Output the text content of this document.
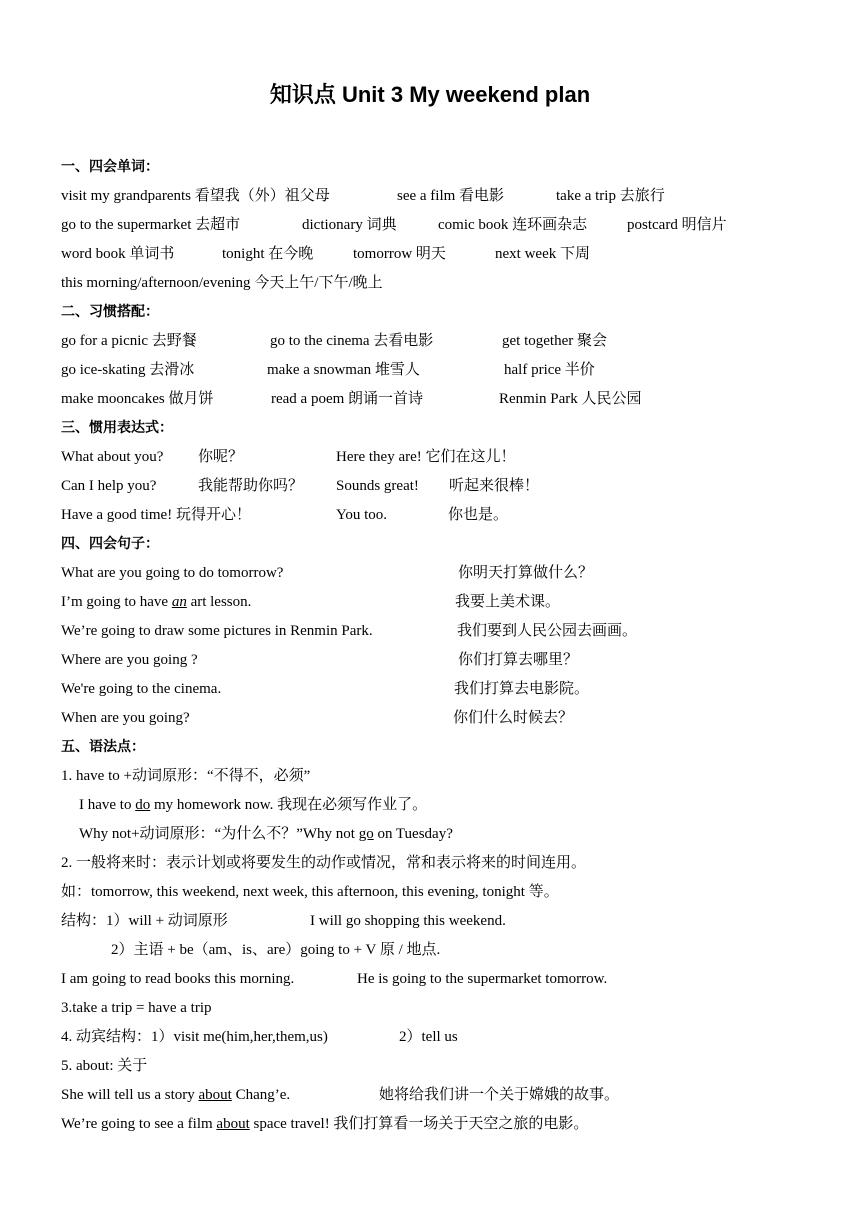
知识点 Unit 3 My weekend plan
一、四会单词：
visit my grandparents 看望我（外）祖父母	see a film 看电影	take a trip 去旅行
go to the supermarket 去超市	dictionary 词典	comic book 连环画杂志	postcard 明信片
word book 单词书	tonight 在今晚	tomorrow 明天	next week 下周
this morning/afternoon/evening 今天上午/下午/晚上
二、习惯搭配：
go for a picnic 去野餐	go to the cinema 去看电影	get together 聚会
go ice-skating 去滑冰	make a snowman 堆雪人	half price 半价
make mooncakes 做月饼	read a poem 朗诵一首诗	Renmin Park 人民公园
三、惯用表达式：
What about you? 你呢？	Here they are! 它们在这儿！
Can I help you?	我能帮助你吗？ Sounds great! 听起来很棒！
Have a good time! 玩得开心！	You too.	你也是。
四、四会句子：
What are you going to do tomorrow?	你明天打算做什么？
I’m going to have an art lesson.	我要上美术课。
We’re going to draw some pictures in Renmin Park.	我们要到人民公园去画画。
Where are you going ?	你们打算去哪里？
We're going to the cinema.	我们打算去电影院。
When are you going?	你们什么时候去？
五、语法点：
1. have to +动词原形：“不得不，必须”
I have to do my homework now. 我现在必须写作业了。
Why not+动词原形：“为什么不？”Why not go on Tuesday?
2. 一般将来时：表示计划或将要发生的动作或情况，常和表示将来的时间连用。
如：tomorrow, this weekend, next week, this afternoon, this evening, tonight 等。
结构：1）will + 动词原形	I will go shopping this weekend.
2）主语 + be（am、is、are）going to + V 原 / 地点.
I am going to read books this morning.	He is going to the supermarket tomorrow.
3.take a trip = have a trip
4. 动宾结构：1）visit me(him,her,them,us)	2）tell us
5. about: 关于
She will tell us a story about Chang’e.	她将给我们讲一个关于嫦娥的故事。
We’re going to see a film about space travel! 我们打算看一场关于天空之旅的电影。
